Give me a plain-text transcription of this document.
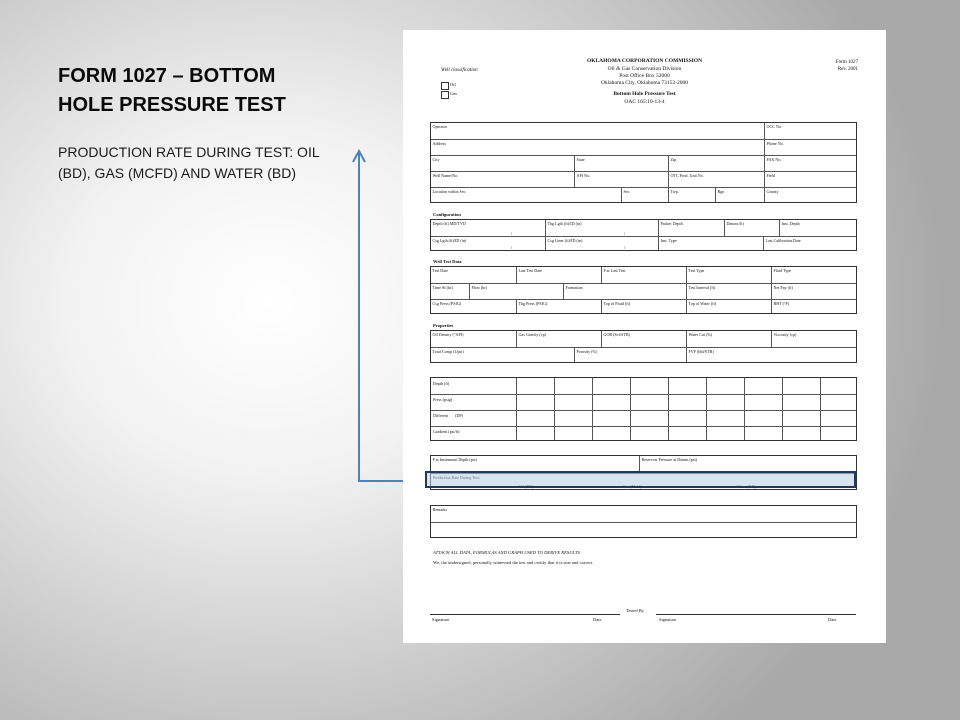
FORM 1027 – BOTTOM
HOLE PRESSURE TEST

PRODUCTION RATE DURING TEST: OIL
(BD), GAS (MCFD) AND WATER (BD)

OKLAHOMA CORPORATION COMMISSION
Oil & Gas Conservation Division
Post Office Box 52000
Oklahoma City, Oklahoma 73152-2000
Bottom Hole Pressure Test
OAC 165:10-13-4
Form 1027
Rev. 2001
Well classification
Oil
Gas
Operator	OCC No.
Address	Phone No.
City	State	Zip	FAX No.
Well Name/No.	API No.	OTC Prod. Unit No.	Field
Location within Sec.	Sec.	Twp.	Rge.	County
Configuration
Depth (ft) MD/TVD	Tbg Lgth (ft)/ID (in)	Packer Depth	Datum (ft)	Inst. Depth
/	/
Csg Lgth (ft)/ID (in)	Csg Liner (ft)/ID (in)	Inst. Type	Last Calibration Date
/	/
Well Test Data
Test Date	Last Test Date	P at Last Test	Test Type	Fluid Type
Time SI (hr)	Flow (hr)	Formation	Test Interval (ft)	Net Pay (ft)
Csg Press (PSIG)	Tbg Press (PSIG)	Top of Fluid (ft)	Top of Water (ft)	BHT (°F)
Properties
Oil Density (°API)	Gas Gravity (cp)	GOR (Scf/STB)	Water Cut (%)	Viscosity (cp)
Total Comp (1/psi)	Porosity (%)	FVF (bbl/STB)
Depth (ft)
Press (psig)
Different       (DP)
Gradient (psi/ft)
P at Instrument Depth (psi)	Reservoir Pressure at Datum (psi)
Remarks
ATTACH ALL DATA, FORMULAS AND GRAPH USED TO DERIVE RESULTS.
We, the undersigned, personally witnessed the test and certify that it is true and correct.
Tested By
Signature	Date	Signature	Date
